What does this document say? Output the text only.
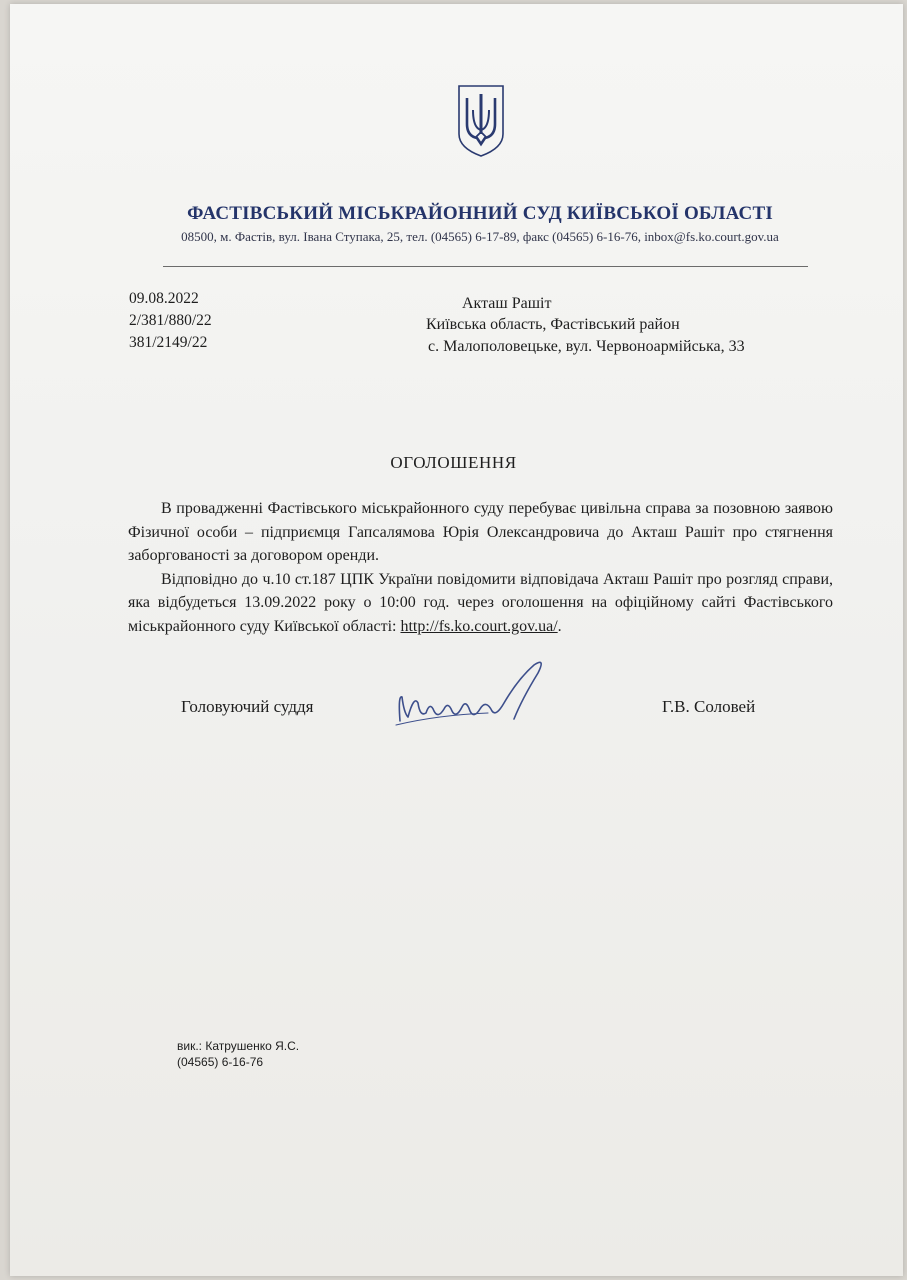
ФАСТІВСЬКИЙ МІСЬКРАЙОННИЙ СУД КИЇВСЬКОЇ ОБЛАСТІ
08500, м. Фастів, вул. Івана Ступака, 25, тел. (04565) 6-17-89, факс (04565) 6-16-76, inbox@fs.ko.court.gov.ua
09.08.2022
2/381/880/22
381/2149/22
Акташ Рашіт
Київська область, Фастівський район
с. Малополовецьке, вул. Червоноармійська, 33
ОГОЛОШЕННЯ

В провадженні Фастівського міськрайонного суду перебуває цивільна справа за позовною заявою Фізичної особи – підприємця Гапсалямова Юрія Олександровича до Акташ Рашіт про стягнення заборгованості за договором оренди.

Відповідно до ч.10 ст.187 ЦПК України повідомити відповідача Акташ Рашіт про розгляд справи, яка відбудеться 13.09.2022 року о 10:00 год. через оголошення на офіційному сайті Фастівського міськрайонного суду Київської області: http://fs.ko.court.gov.ua/.

Головуючий суддя	Г.В. Соловей
вик.: Катрушенко Я.С.
(04565) 6-16-76
